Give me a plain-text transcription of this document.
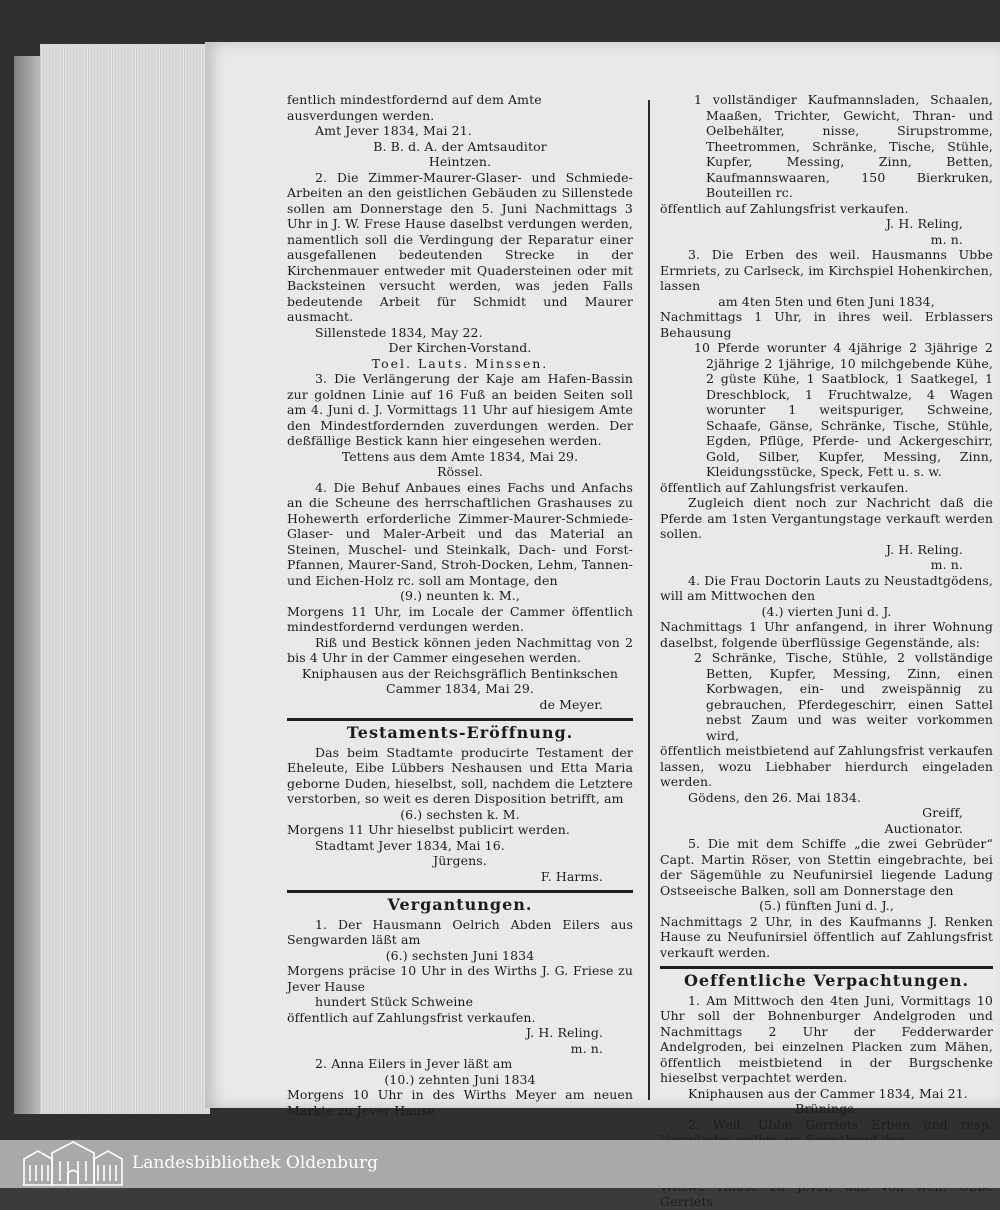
fentlich mindestfordernd auf dem Amte ausverdungen werden.

Amt Jever 1834, Mai 21.

B. B. d. A. der Amtsauditor

Heintzen.

2. Die Zimmer-Maurer-Glaser- und Schmiede-Arbeiten an den geistlichen Gebäuden zu Sillenstede sollen am Donnerstage den 5. Juni Nachmittags 3 Uhr in J. W. Frese Hause daselbst verdungen werden, namentlich soll die Verdingung der Reparatur einer ausgefallenen bedeutenden Strecke in der Kirchenmauer entweder mit Quadersteinen oder mit Backsteinen versucht werden, was jeden Falls bedeutende Arbeit für Schmidt und Maurer ausmacht.

Sillenstede 1834, May 22.

Der Kirchen-Vorstand.

Toel. Lauts. Minssen.

3. Die Verlängerung der Kaje am Hafen-Bassin zur goldnen Linie auf 16 Fuß an beiden Seiten soll am 4. Juni d. J. Vormittags 11 Uhr auf hiesigem Amte den Mindestfordernden zuverdungen werden. Der deßfällige Bestick kann hier eingesehen werden.

Tettens aus dem Amte 1834, Mai 29.

Rössel.

4. Die Behuf Anbaues eines Fachs und Anfachs an die Scheune des herrschaftlichen Grashauses zu Hohewerth erforderliche Zimmer-Maurer-Schmiede-Glaser- und Maler-Arbeit und das Material an Steinen, Muschel- und Steinkalk, Dach- und Forst-Pfannen, Maurer-Sand, Stroh-Docken, Lehm, Tannen- und Eichen-Holz rc. soll am Montage, den

(9.) neunten k. M.,

Morgens 11 Uhr, im Locale der Cammer öffentlich mindestfordernd verdungen werden.

Riß und Bestick können jeden Nachmittag von 2 bis 4 Uhr in der Cammer eingesehen werden.

Kniphausen aus der Reichsgräflich Bentinkschen Cammer 1834, Mai 29.

de Meyer.

Testaments-Eröffnung.

Das beim Stadtamte producirte Testament der Eheleute, Eibe Lübbers Neshausen und Etta Maria geborne Duden, hieselbst, soll, nachdem die Letztere verstorben, so weit es deren Disposition betrifft, am

(6.) sechsten k. M.

Morgens 11 Uhr hieselbst publicirt werden.

Stadtamt Jever 1834, Mai 16.

Jürgens.

F. Harms.

Vergantungen.

1. Der Hausmann Oelrich Abden Eilers aus Sengwarden läßt am

(6.) sechsten Juni 1834

Morgens präcise 10 Uhr in des Wirths J. G. Friese zu Jever Hause

hundert Stück Schweine

öffentlich auf Zahlungsfrist verkaufen.

J. H. Reling.

m. n.

2. Anna Eilers in Jever läßt am

(10.) zehnten Juni 1834

Morgens 10 Uhr in des Wirths Meyer am neuen Markte zu Jever Hause

1 vollständiger Kaufmannsladen, Schaalen, Maaßen, Trichter, Gewicht, Thran- und Oelbehälter, nisse, Sirupstromme, Theetrommen, Schränke, Tische, Stühle, Kupfer, Messing, Zinn, Betten, Kaufmannswaaren, 150 Bierkruken, Bouteillen rc.

öffentlich auf Zahlungsfrist verkaufen.

J. H. Reling,

m. n.

3. Die Erben des weil. Hausmanns Ubbe Ermriets, zu Carlseck, im Kirchspiel Hohenkirchen, lassen

am 4ten 5ten und 6ten Juni 1834,

Nachmittags 1 Uhr, in ihres weil. Erblassers Behausung

10 Pferde worunter 4 4jährige 2 3jährige 2 2jährige 2 1jährige, 10 milchgebende Kühe, 2 güste Kühe, 1 Saatblock, 1 Saatkegel, 1 Dreschblock, 1 Fruchtwalze, 4 Wagen worunter 1 weitspuriger, Schweine, Schaafe, Gänse, Schränke, Tische, Stühle, Egden, Pflüge, Pferde- und Ackergeschirr, Gold, Silber, Kupfer, Messing, Zinn, Kleidungsstücke, Speck, Fett u. s. w.

öffentlich auf Zahlungsfrist verkaufen.

Zugleich dient noch zur Nachricht daß die Pferde am 1sten Vergantungstage verkauft werden sollen.

J. H. Reling.

m. n.

4. Die Frau Doctorin Lauts zu Neustadtgödens, will am Mittwochen den

(4.) vierten Juni d. J.

Nachmittags 1 Uhr anfangend, in ihrer Wohnung daselbst, folgende überflüssige Gegenstände, als:

2 Schränke, Tische, Stühle, 2 vollständige Betten, Kupfer, Messing, Zinn, einen Korbwagen, ein- und zweispännig zu gebrauchen, Pferdegeschirr, einen Sattel nebst Zaum und was weiter vorkommen wird,

öffentlich meistbietend auf Zahlungsfrist verkaufen lassen, wozu Liebhaber hierdurch eingeladen werden.

Gödens, den 26. Mai 1834.

Greiff,

Auctionator.

5. Die mit dem Schiffe „die zwei Gebrüder“ Capt. Martin Röser, von Stettin eingebrachte, bei der Sägemühle zu Neufunirsiel liegende Ladung Ostseeische Balken, soll am Donnerstage den

(5.) fünften Juni d. J.,

Nachmittags 2 Uhr, in des Kaufmanns J. Renken Hause zu Neufunirsiel öffentlich auf Zahlungsfrist verkauft werden.

Oeffentliche Verpachtungen.

1. Am Mittwoch den 4ten Juni, Vormittags 10 Uhr soll der Bohnenburger Andelgroden und Nachmittags 2 Uhr der Fedderwarder Andelgroden, bei einzelnen Placken zum Mähen, öffentlich meistbietend in der Burgschenke hieselbst verpachtet werden.

Kniphausen aus der Cammer 1834, Mai 21.

Brünings.

2. Weil. Ubbe Gerriets Erben und resp.

Gerriets

Landesbibliothek Oldenburg
